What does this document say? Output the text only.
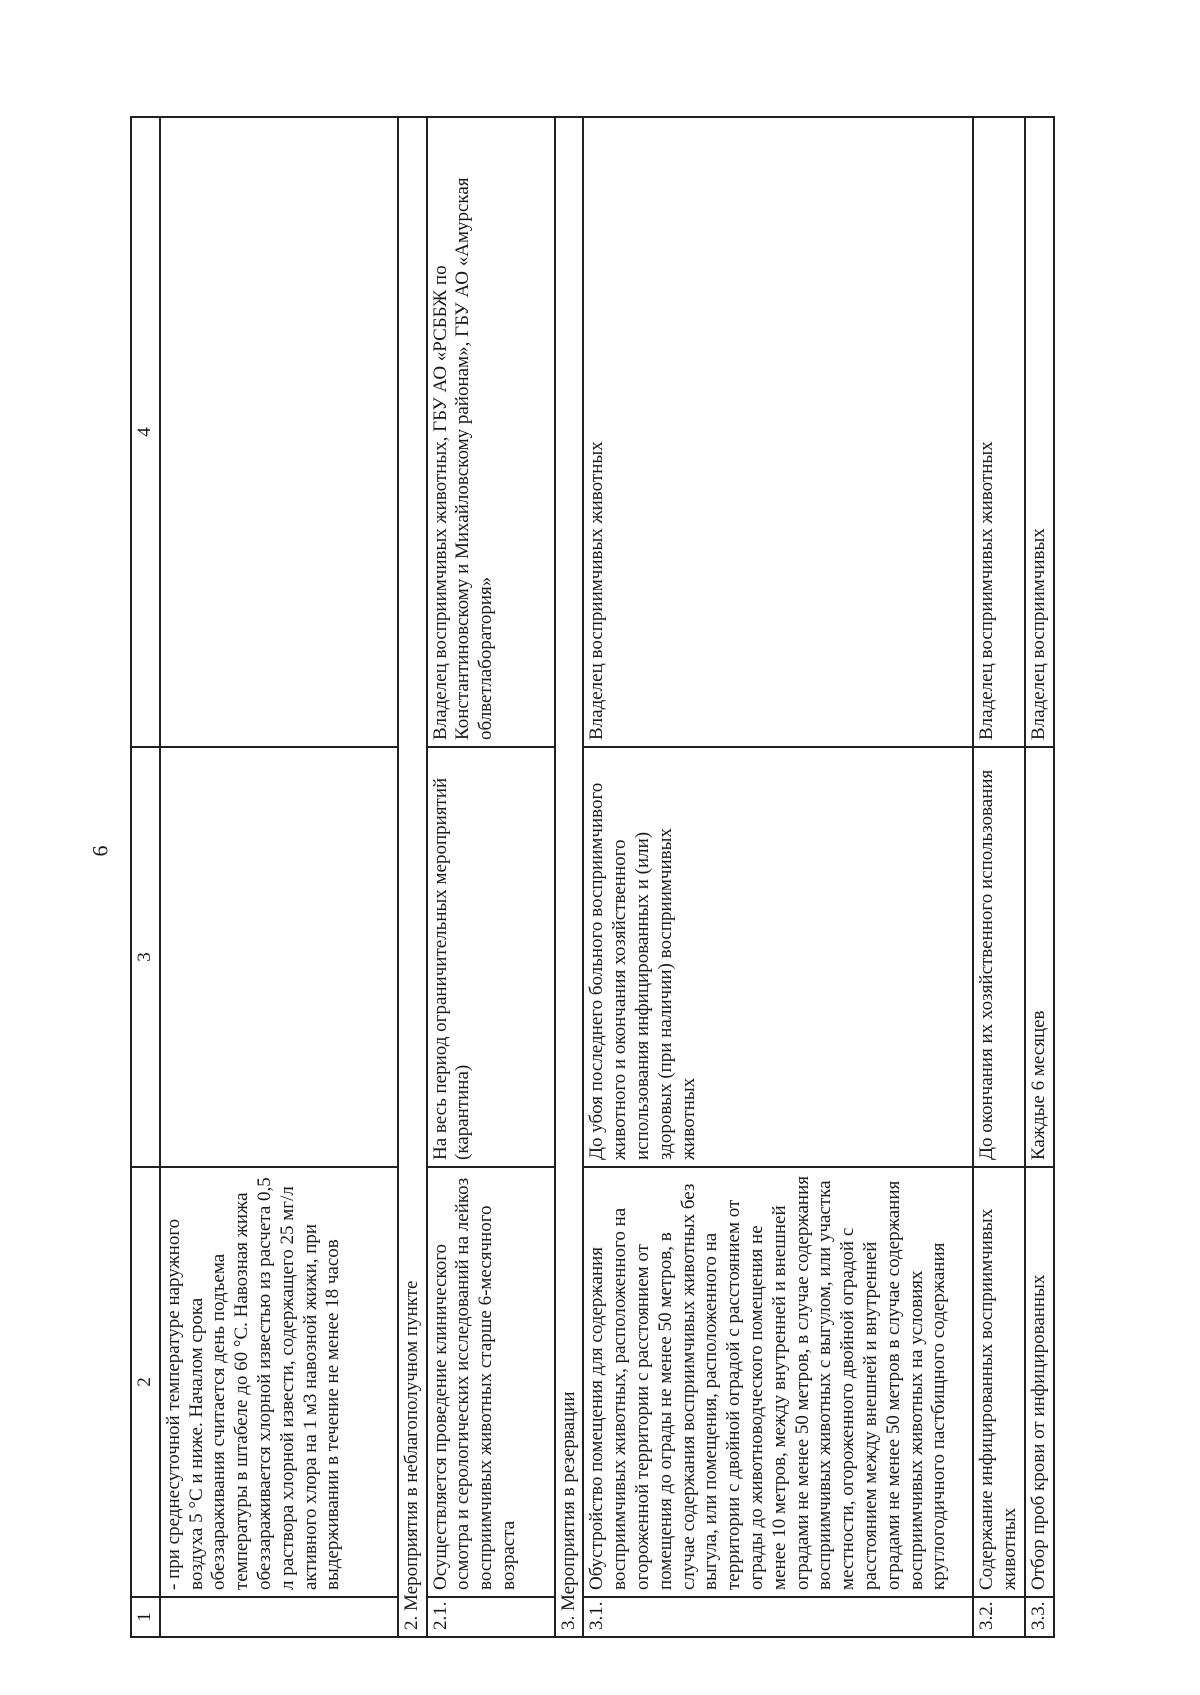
6
1	2	3	4
	- при среднесуточной температуре наружного воздуха 5 °С и ниже. Началом срока обеззараживания считается день подъема температуры в штабеле до 60 °С. Навозная жижа обеззараживается хлорной известью из расчета 0,5 л раствора хлорной извести, содержащего 25 мг/л активного хлора на 1 м3 навозной жижи, при выдерживании в течение не менее 18 часов		
2. Мероприятия в неблагополучном пункте			
2.1.	Осуществляется проведение клинического осмотра и серологических исследований на лейкоз восприимчивых животных старше 6-месячного возраста	На весь период ограничительных мероприятий (карантина)	Владелец восприимчивых животных, ГБУ АО «РСББЖ по Константиновскому и Михайловскому районам», ГБУ АО «Амурская облветлаборатория»
3. Мероприятия в резервации			
3.1.	Обустройство помещения для содержания восприимчивых животных, расположенного на огороженной территории с расстоянием от помещения до ограды не менее 50 метров, в случае содержания восприимчивых животных без выгула, или помещения, расположенного на территории с двойной оградой с расстоянием от ограды до животноводческого помещения не менее 10 метров, между внутренней и внешней оградами не менее 50 метров, в случае содержания восприимчивых животных с выгулом, или участка местности, огороженного двойной оградой с расстоянием между внешней и внутренней оградами не менее 50 метров в случае содержания восприимчивых животных на условиях круглогодичного пастбищного содержания	До убоя последнего больного восприимчивого животного и окончания хозяйственного использования инфицированных и (или) здоровых (при наличии) восприимчивых животных	Владелец восприимчивых животных
3.2.	Содержание инфицированных восприимчивых животных	До окончания их хозяйственного использования	Владелец восприимчивых животных
3.3.	Отбор проб крови от инфицированных	Каждые 6 месяцев	Владелец восприимчивых
